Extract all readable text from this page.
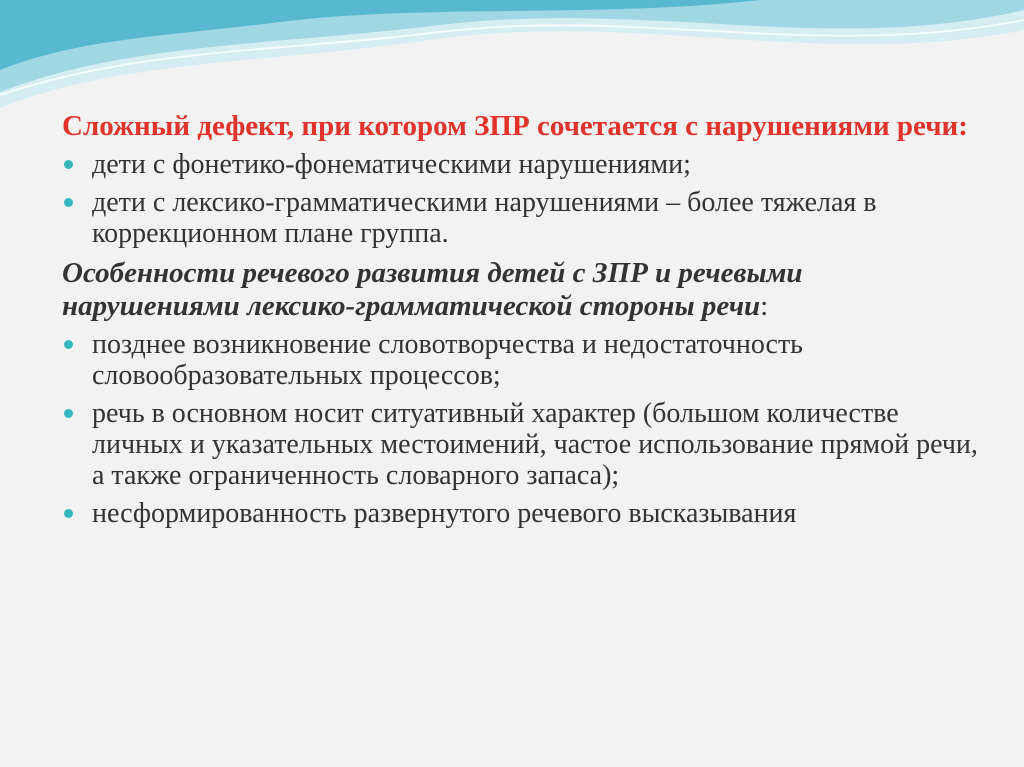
Сложный дефект, при котором ЗПР сочетается с нарушениями речи:
дети с фонетико-фонематическими нарушениями;
дети с лексико-грамматическими нарушениями – более тяжелая в коррекционном плане группа.
Особенности речевого развития детей с ЗПР и речевыми нарушениями лексико-грамматической стороны речи:
позднее возникновение словотворчества и недостаточность словообразовательных процессов;
речь в основном носит ситуативный характер (большом количестве личных и указательных местоимений, частое использование прямой речи, а также ограниченность словарного запаса);
несформированность развернутого речевого высказывания
